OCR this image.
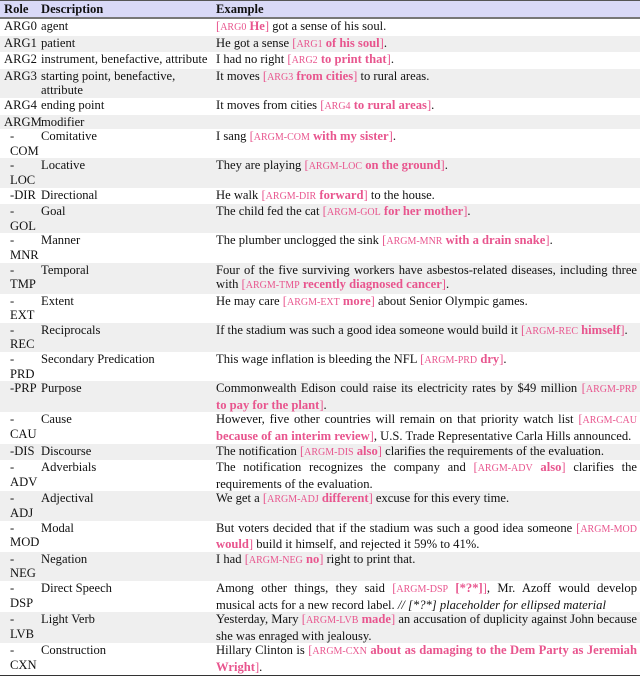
Role	Description	Example
ARG0	agent	[ARG0 He] got a sense of his soul.
ARG1	patient	He got a sense [ARG1 of his soul].
ARG2	instrument, benefactive, attribute	I had no right [ARG2 to print that].
ARG3	starting point, benefactive, attribute	It moves [ARG3 from cities] to rural areas.
ARG4	ending point	It moves from cities [ARG4 to rural areas].
ARGM	modifier	
-COM	Comitative	I sang [ARGM-COM with my sister].
-LOC	Locative	They are playing [ARGM-LOC on the ground].
-DIR	Directional	He walk [ARGM-DIR forward] to the house.
-GOL	Goal	The child fed the cat [ARGM-GOL for her mother].
-MNR	Manner	The plumber unclogged the sink [ARGM-MNR with a drain snake].
-TMP	Temporal	Four of the five surviving workers have asbestos-related diseases, including three with [ARGM-TMP recently diagnosed cancer].
-EXT	Extent	He may care [ARGM-EXT more] about Senior Olympic games.
-REC	Reciprocals	If the stadium was such a good idea someone would build it [ARGM-REC himself].
-PRD	Secondary Predication	This wage inflation is bleeding the NFL [ARGM-PRD dry].
-PRP	Purpose	Commonwealth Edison could raise its electricity rates by $49 million [ARGM-PRP to pay for the plant].
-CAU	Cause	However, five other countries will remain on that priority watch list [ARGM-CAU because of an interim review], U.S. Trade Representative Carla Hills announced.
-DIS	Discourse	The notification [ARGM-DIS also] clarifies the requirements of the evaluation.
-ADV	Adverbials	The notification recognizes the company and [ARGM-ADV also] clarifies the requirements of the evaluation.
-ADJ	Adjectival	We get a [ARGM-ADJ different] excuse for this every time.
-MOD	Modal	But voters decided that if the stadium was such a good idea someone [ARGM-MOD would] build it himself, and rejected it 59% to 41%.
-NEG	Negation	I had [ARGM-NEG no] right to print that.
-DSP	Direct Speech	Among other things, they said [ARGM-DSP [*?*]], Mr. Azoff would develop musical acts for a new record label. // [*?*] placeholder for ellipsed material
-LVB	Light Verb	Yesterday, Mary [ARGM-LVB made] an accusation of duplicity against John because she was enraged with jealousy.
-CXN	Construction	Hillary Clinton is [ARGM-CXN about as damaging to the Dem Party as Jeremiah Wright].
